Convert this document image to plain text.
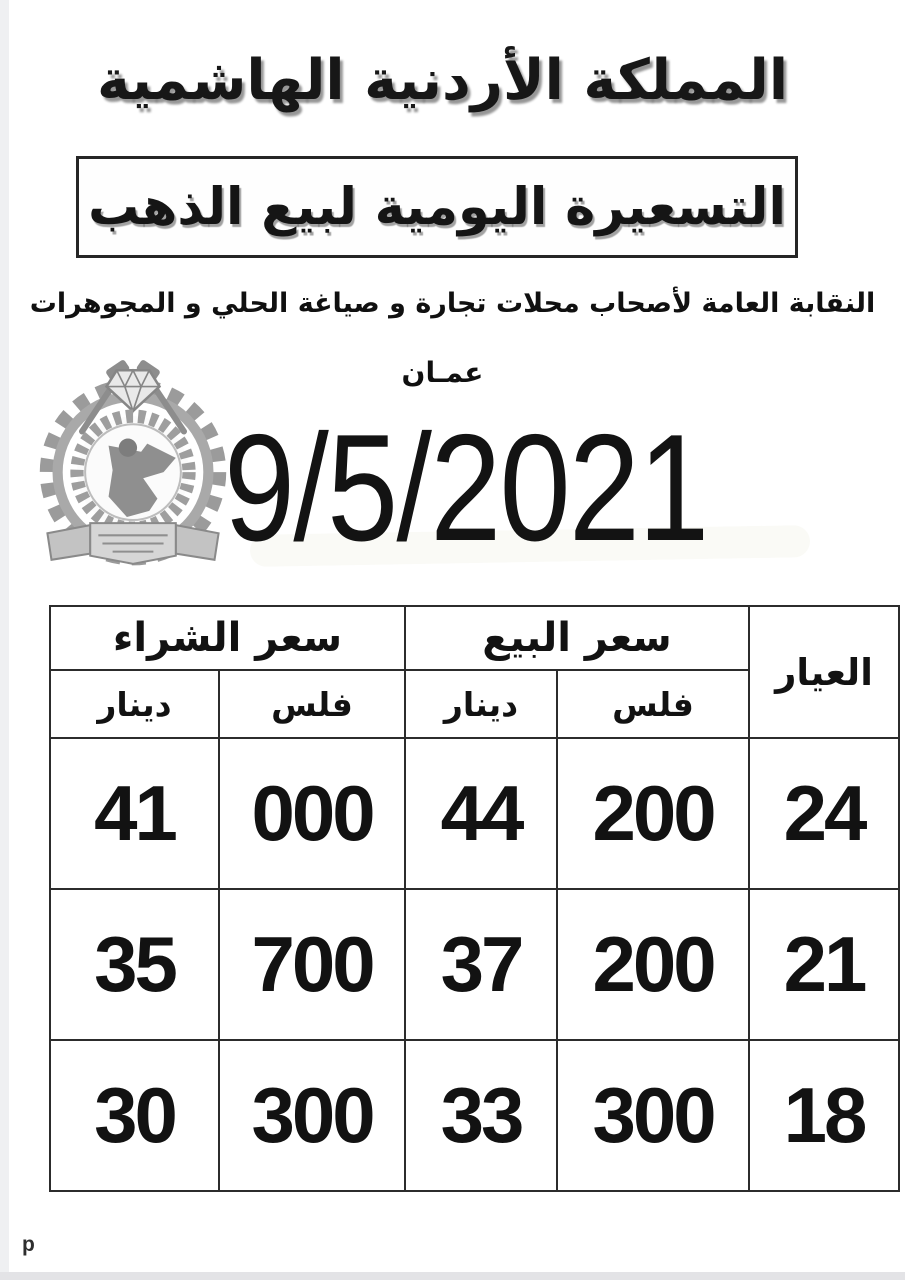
المملكة الأردنية الهاشمية
التسعيرة اليومية لبيع الذهب
النقابة العامة لأصحاب محلات تجارة و صياغة الحلي و المجوهرات
عمـان
9/5/2021
العيار	سعر البيع		سعر الشراء	
	فلس	دينار	فلس	دينار
24	200	44	000	41
21	200	37	700	35
18	300	33	300	30
p
